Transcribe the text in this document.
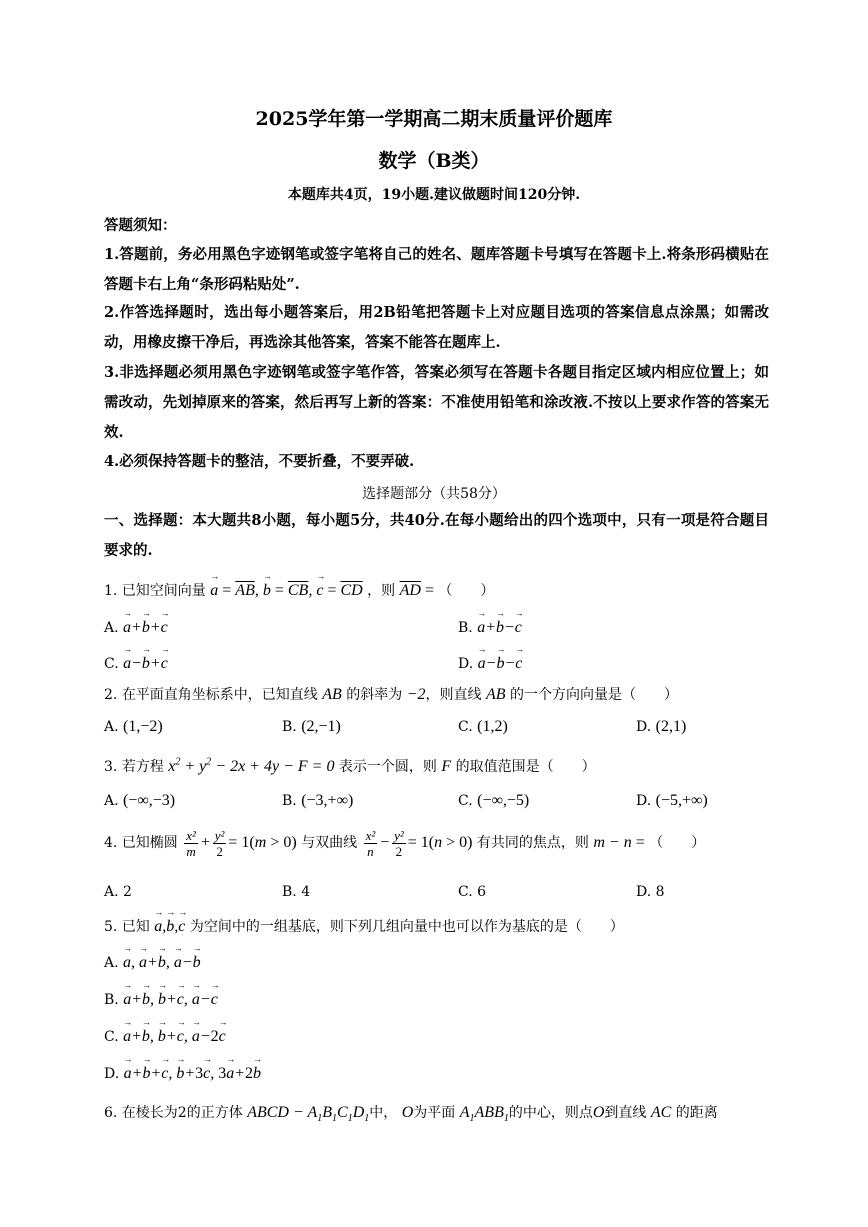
2025学年第一学期高二期末质量评价题库
数学（B类）
本题库共4页，19小题.建议做题时间120分钟.
答题须知：
1.答题前，务必用黑色字迹钢笔或签字笔将自己的姓名、题库答题卡号填写在答题卡上.将条形码横贴在答题卡右上角“条形码粘贴处”.
2.作答选择题时，选出每小题答案后，用2B铅笔把答题卡上对应题目选项的答案信息点涂黑；如需改动，用橡皮擦干净后，再选涂其他答案，答案不能答在题库上.
3.非选择题必须用黑色字迹钢笔或签字笔作答，答案必须写在答题卡各题目指定区域内相应位置上；如需改动，先划掉原来的答案，然后再写上新的答案：不准使用铅笔和涂改液.不按以上要求作答的答案无效.
4.必须保持答题卡的整洁，不要折叠，不要弄破.
选择题部分（共58分）
一、选择题：本大题共8小题，每小题5分，共40分.在每小题给出的四个选项中，只有一项是符合题目要求的.
1. 已知空间向量 → $a = \overline{AB}$, → $b = \overline{CB}$, → $c = \overline{CD}$ ，则 $\overline{AD}$ = （　　）
A. → a+→ b+→ c	B. → a+→ b−→ c
C. → a−→ b+→ c	D. → a−→ b−→ c
2. 在平面直角坐标系中，已知直线 AB 的斜率为 −2，则直线 AB 的一个方向向量是（　　）
A. (1,−2)	B. (2,−1)	C. (1,2)	D. (2,1)
3. 若方程 $x^2 + y^2 - 2x + 4y - F = 0$ 表示一个圆，则 F 的取值范围是（　　）
A. (−∞,−3)	B. (−3,+∞)	C. (−∞,−5)	D. (−5,+∞)
4. 已知椭圆 $\frac{\text{x²}}{m} + \frac{\text{y²}}{2} = 1(m > 0)$ 与双曲线 $\frac{\text{x²}}{n} - \frac{\text{y²}}{2} = 1(n > 0)$ 有共同的焦点，则 m − n = （　　）
A. 2	B. 4	C. 6	D. 8
5. 已知 → a,→ b,→ c 为空间中的一组基底，则下列几组向量中也可以作为基底的是（　　）
A. → a, → a+→ b, → a−→ b
B. → a+→ b, → b+→ c, → a−→ c
C. → a+→ b, → b+→ c, → a−2→ c
D. → a+→ b+→ c, → b+3→ c, 3→ a+2→ b
6. 在棱长为2的正方体 ABCD − $A_1B_1C_1D_1$中， O为平面 $A_1ABB_1$的中心，则点O到直线 AC 的距离
